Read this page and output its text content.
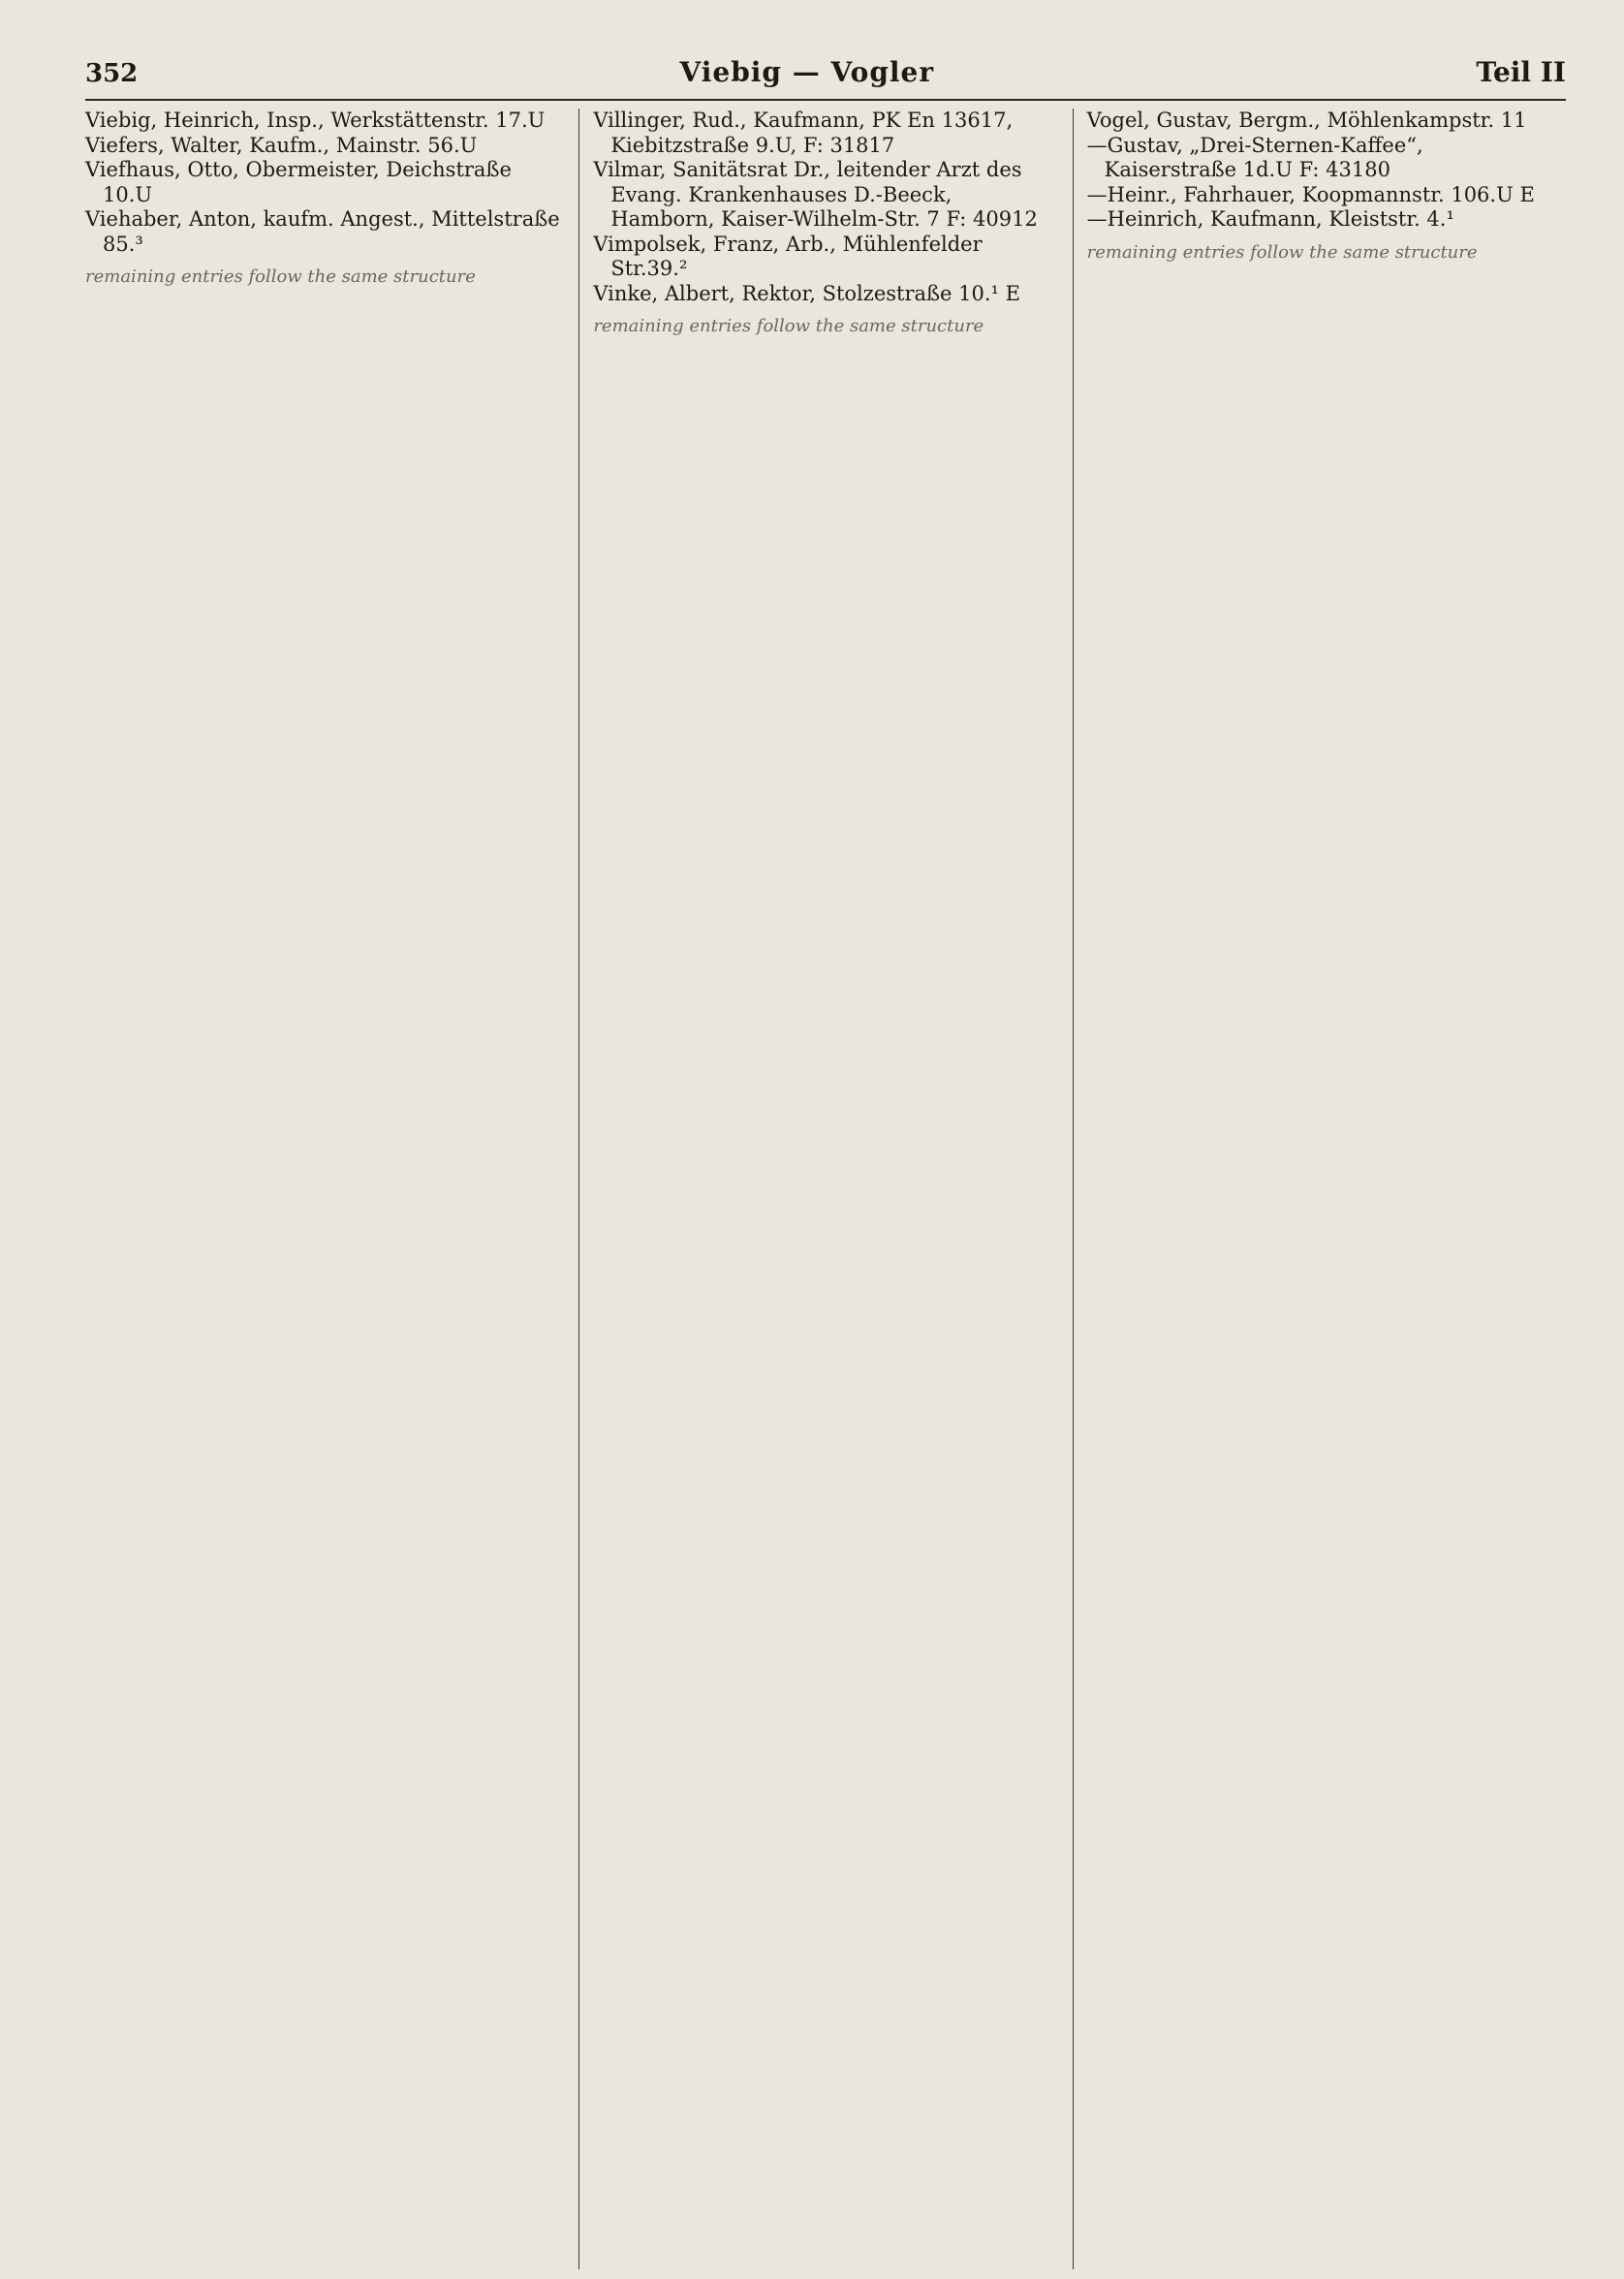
352	Viebig — Vogler	Teil II

Viebig, Heinrich, Insp., Werkstättenstr. 17.U

Viefers, Walter, Kaufm., Mainstr. 56.U

Viefhaus, Otto, Obermeister, Deichstraße 10.U

Viehaber, Anton, kaufm. Angest., Mittelstraße 85.³

remaining entries follow the same structure

Villinger, Rud., Kaufmann, PK En 13617, Kiebitzstraße 9.U, F: 31817

Vilmar, Sanitätsrat Dr., leitender Arzt des Evang. Krankenhauses D.-Beeck, Hamborn, Kaiser-Wilhelm-Str. 7 F: 40912

Vimpolsek, Franz, Arb., Mühlenfelder Str.39.²

Vinke, Albert, Rektor, Stolzestraße 10.¹ E

remaining entries follow the same structure

Vogel, Gustav, Bergm., Möhlenkampstr. 11

—Gustav, „Drei-Sternen-Kaffee“, Kaiserstraße 1d.U F: 43180

—Heinr., Fahrhauer, Koopmannstr. 106.U E

—Heinrich, Kaufmann, Kleiststr. 4.¹

remaining entries follow the same structure
